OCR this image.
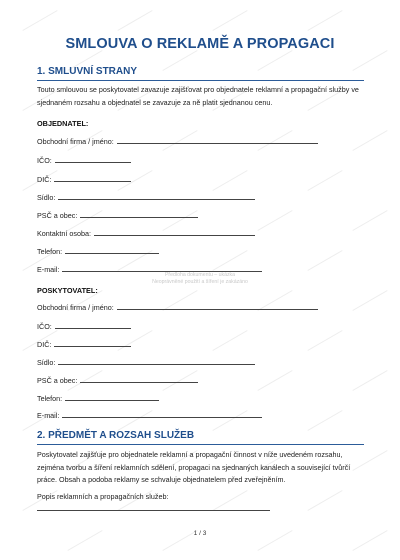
SMLOUVA O REKLAMĚ A PROPAGACI
1. SMLUVNÍ STRANY
Touto smlouvou se poskytovatel zavazuje zajišťovat pro objednatele reklamní a propagační služby ve sjednaném rozsahu a objednatel se zavazuje za ně platit sjednanou cenu.
OBJEDNATEL:
Obchodní firma / jméno:
IČO:
DIČ:
Sídlo:
PSČ a obec:
Kontaktní osoba:
Telefon:
E-mail:
Předloha dokumentu – ukázka
Neoprávněné použití a šíření je zakázáno
POSKYTOVATEL:
Obchodní firma / jméno:
IČO:
DIČ:
Sídlo:
PSČ a obec:
Telefon:
E-mail:
2. PŘEDMĚT A ROZSAH SLUŽEB
Poskytovatel zajišťuje pro objednatele reklamní a propagační činnost v níže uvedeném rozsahu, zejména tvorbu a šíření reklamních sdělení, propagaci na sjednaných kanálech a související tvůrčí práce. Obsah a podoba reklamy se schvaluje objednatelem před zveřejněním.
Popis reklamních a propagačních služeb:
1 / 3
